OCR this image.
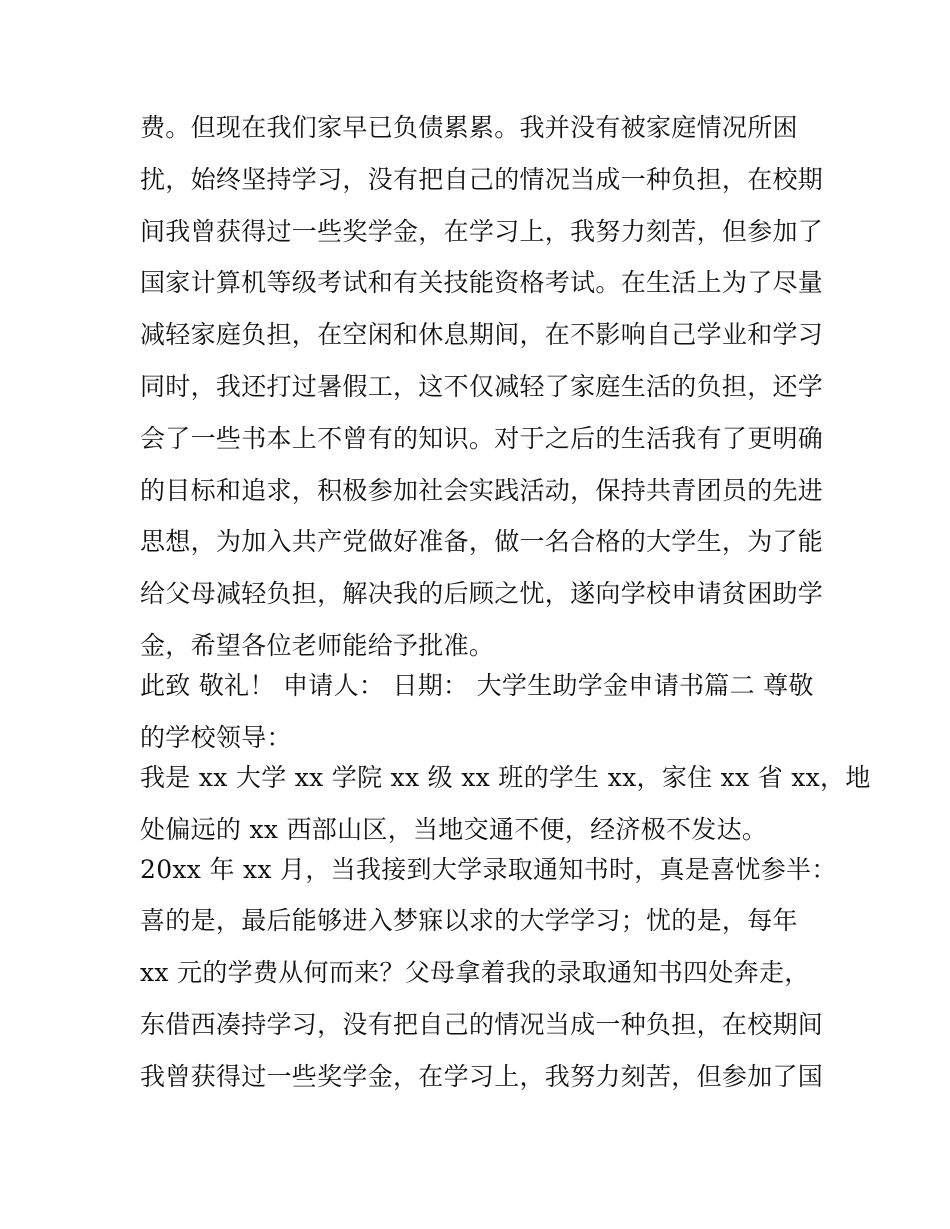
费。但现在我们家早已负债累累。我并没有被家庭情况所困
扰，始终坚持学习，没有把自己的情况当成一种负担，在校期
间我曾获得过一些奖学金，在学习上，我努力刻苦，但参加了
国家计算机等级考试和有关技能资格考试。在生活上为了尽量
减轻家庭负担，在空闲和休息期间，在不影响自己学业和学习
同时，我还打过暑假工，这不仅减轻了家庭生活的负担，还学
会了一些书本上不曾有的知识。对于之后的生活我有了更明确
的目标和追求，积极参加社会实践活动，保持共青团员的先进
思想，为加入共产党做好准备，做一名合格的大学生，为了能
给父母减轻负担，解决我的后顾之忧，遂向学校申请贫困助学
金，希望各位老师能给予批准。
此致 敬礼！ 申请人： 日期： 大学生助学金申请书篇二 尊敬
的学校领导：
我是 xx 大学 xx 学院 xx 级 xx 班的学生 xx，家住 xx 省 xx，地
处偏远的 xx 西部山区，当地交通不便，经济极不发达。
20xx 年 xx 月，当我接到大学录取通知书时，真是喜忧参半：
喜的是，最后能够进入梦寐以求的大学学习；忧的是，每年
xx 元的学费从何而来？父母拿着我的录取通知书四处奔走，
东借西凑持学习，没有把自己的情况当成一种负担，在校期间
我曾获得过一些奖学金，在学习上，我努力刻苦，但参加了国
